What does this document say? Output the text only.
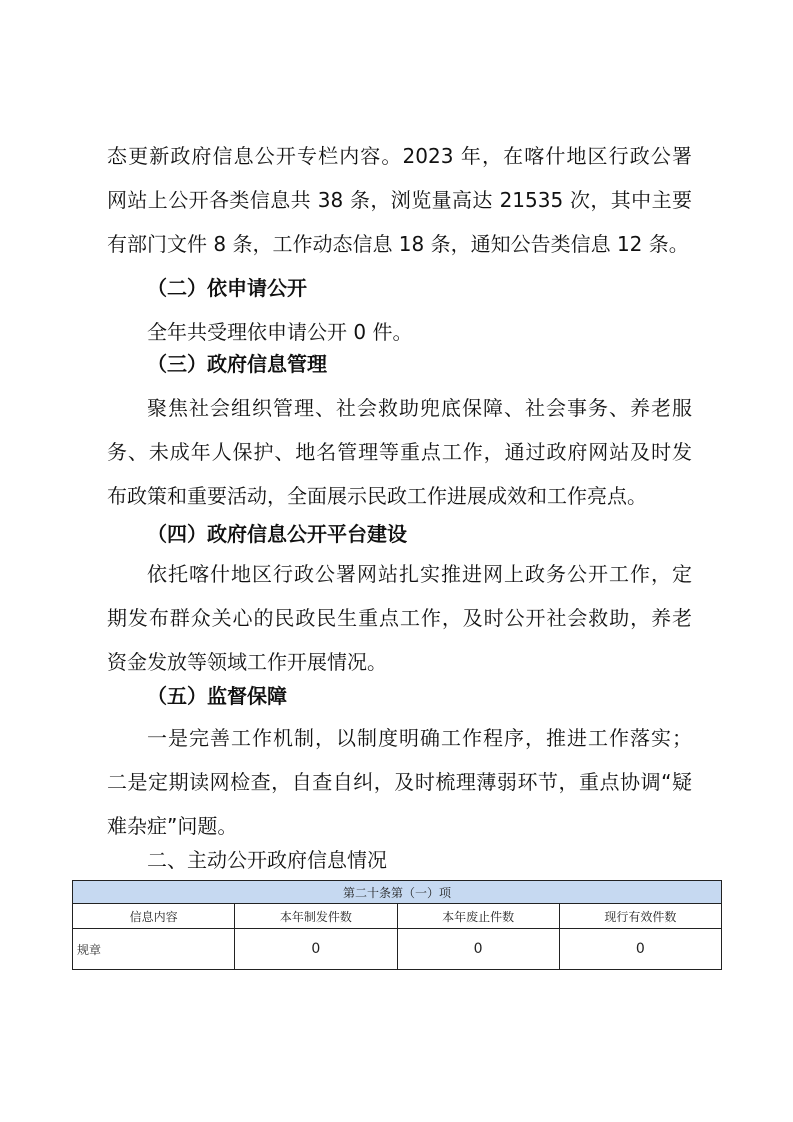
态更新政府信息公开专栏内容。2023 年，在喀什地区行政公署
网站上公开各类信息共 38 条，浏览量高达 21535 次，其中主要
有部门文件 8 条，工作动态信息 18 条，通知公告类信息 12 条。
（二）依申请公开
全年共受理依申请公开 0 件。
（三）政府信息管理
聚焦社会组织管理、社会救助兜底保障、社会事务、养老服
务、未成年人保护、地名管理等重点工作，通过政府网站及时发
布政策和重要活动，全面展示民政工作进展成效和工作亮点。
（四）政府信息公开平台建设
依托喀什地区行政公署网站扎实推进网上政务公开工作，定
期发布群众关心的民政民生重点工作，及时公开社会救助，养老
资金发放等领域工作开展情况。
（五）监督保障
一是完善工作机制，以制度明确工作程序，推进工作落实；
二是定期读网检查，自查自纠，及时梳理薄弱环节，重点协调“疑
难杂症”问题。
二、主动公开政府信息情况
第二十条第（一）项			
信息内容	本年制发件数	本年废止件数	现行有效件数
规章	0	0	0
